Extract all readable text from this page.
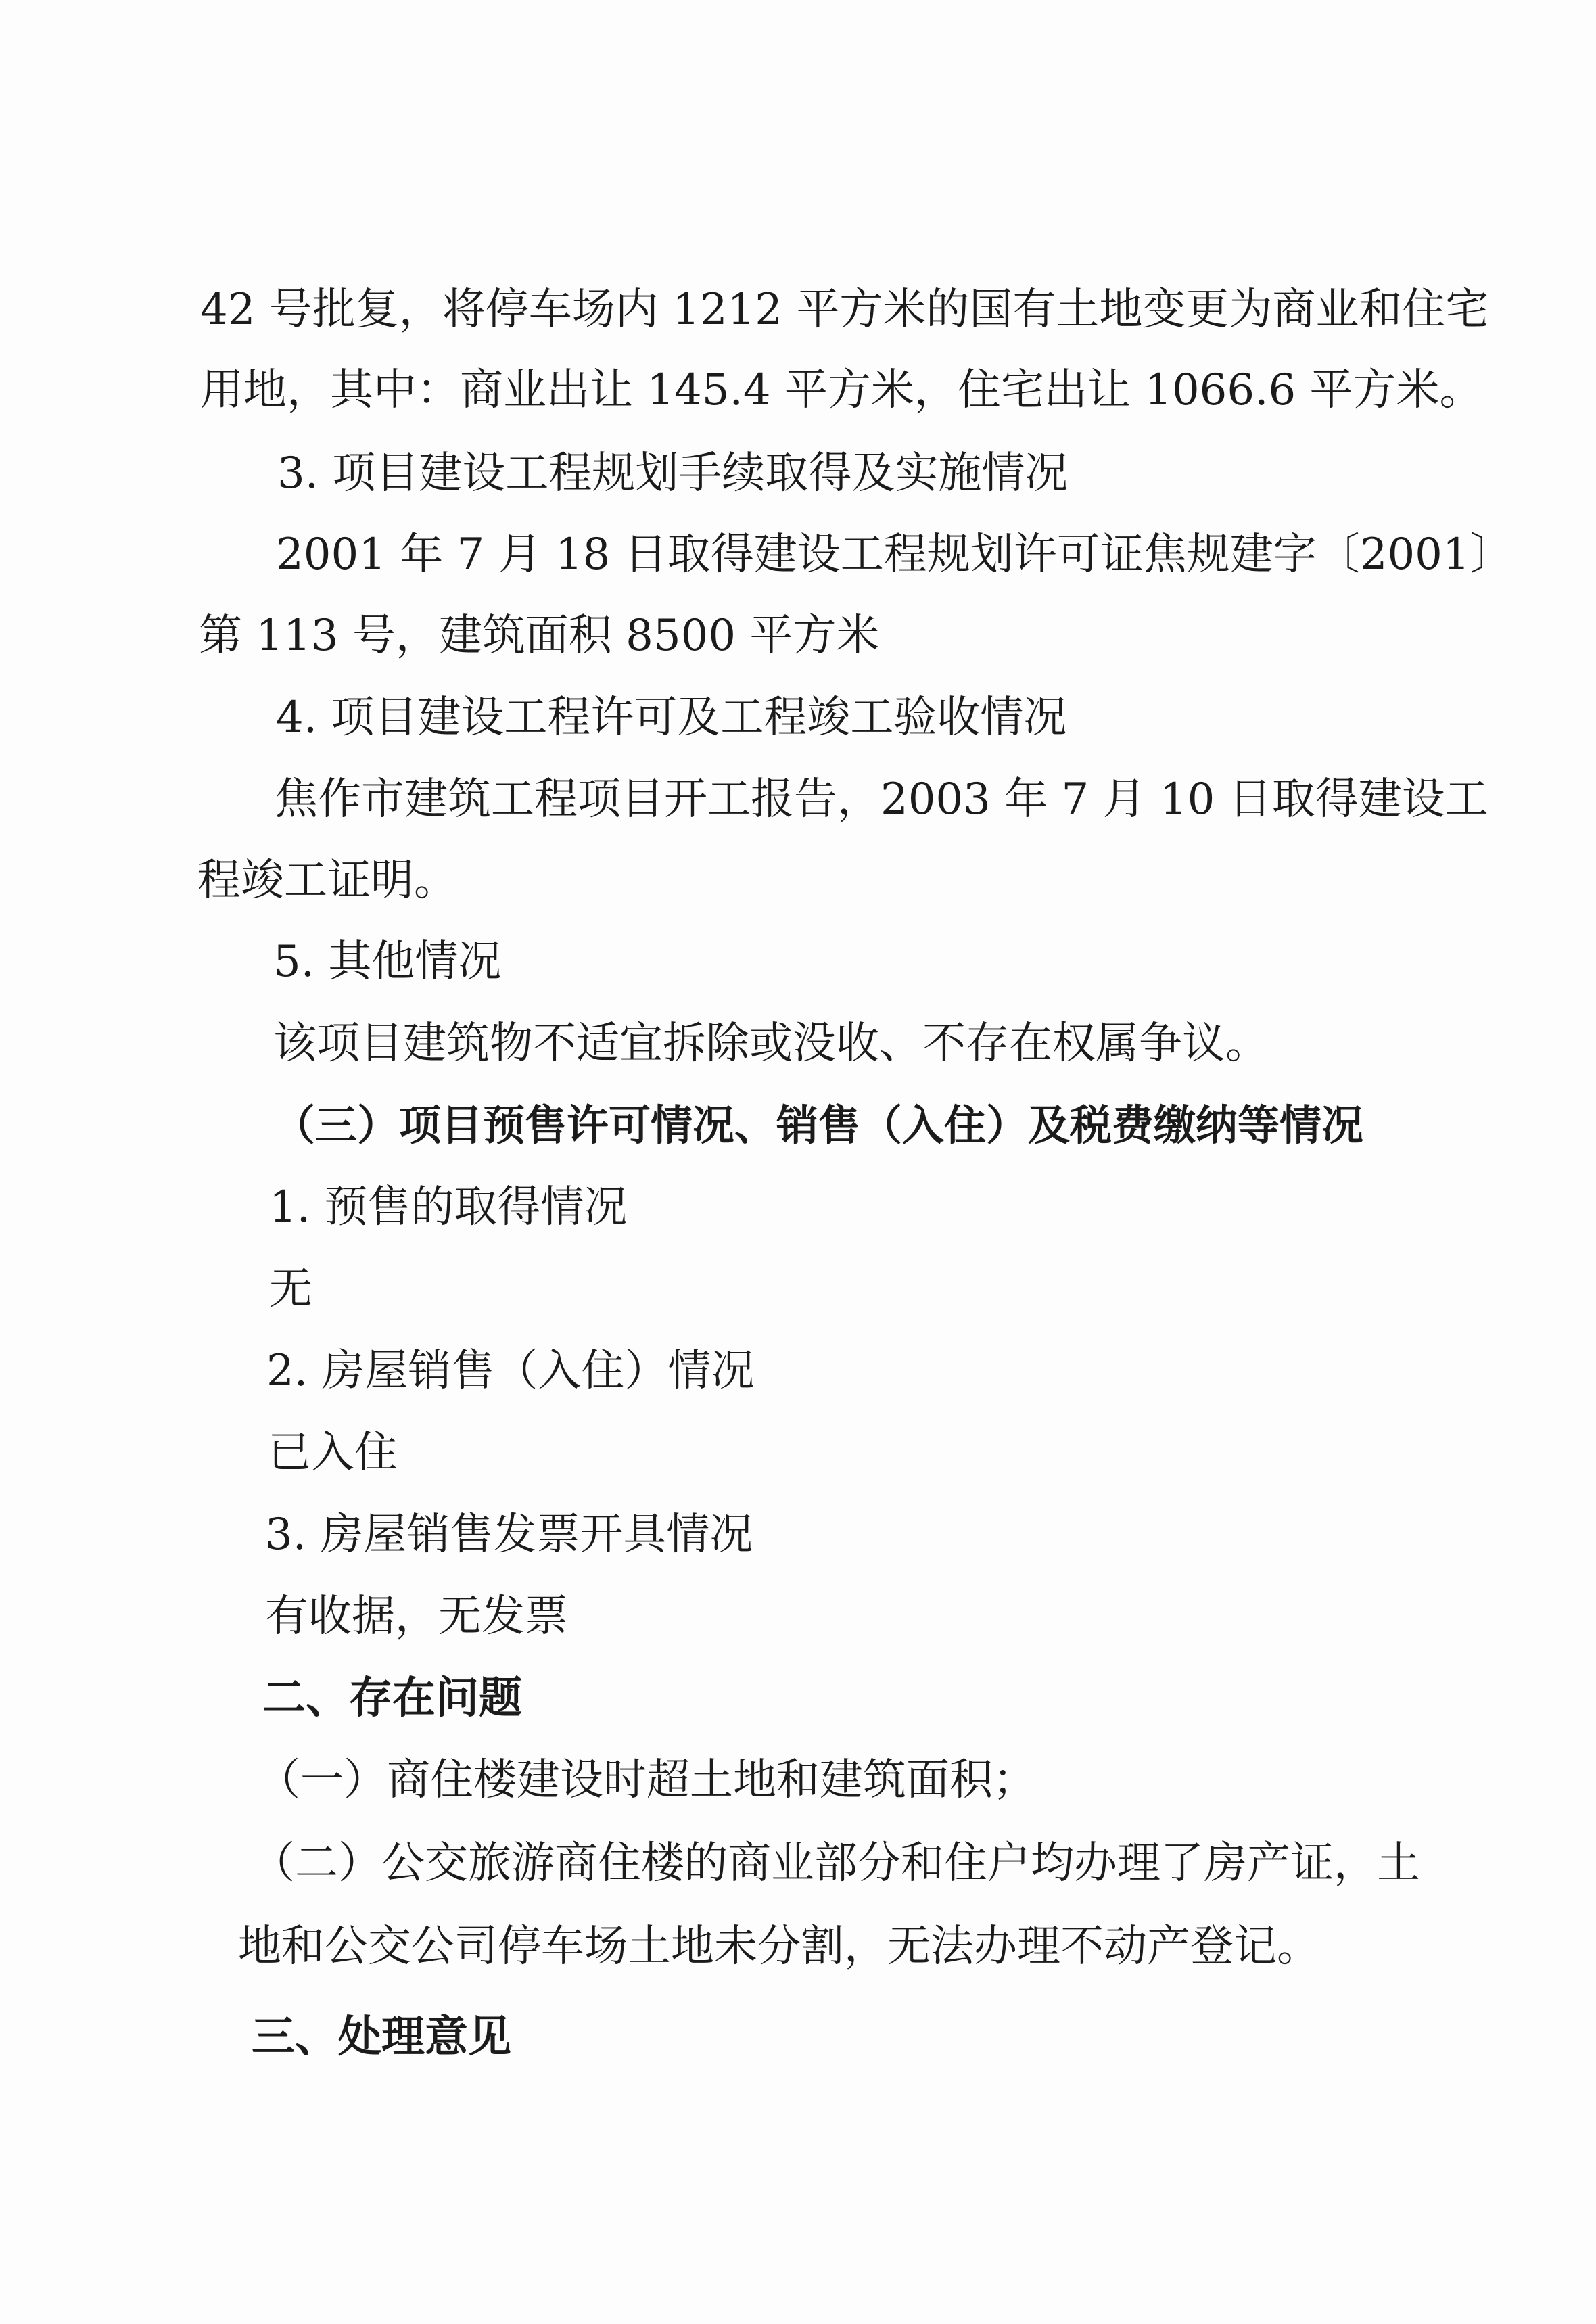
42 号批复，将停车场内 1212 平方米的国有土地变更为商业和住宅
用地，其中：商业出让 145.4 平方米，住宅出让 1066.6 平方米。
3. 项目建设工程规划手续取得及实施情况
2001 年 7 月 18 日取得建设工程规划许可证焦规建字〔2001〕
第 113 号，建筑面积 8500 平方米
4. 项目建设工程许可及工程竣工验收情况
焦作市建筑工程项目开工报告，2003 年 7 月 10 日取得建设工
程竣工证明。
5. 其他情况
该项目建筑物不适宜拆除或没收、不存在权属争议。
（三）项目预售许可情况、销售（入住）及税费缴纳等情况
1. 预售的取得情况
无
2. 房屋销售（入住）情况
已入住
3. 房屋销售发票开具情况
有收据，无发票
二、存在问题
（一）商住楼建设时超土地和建筑面积；
（二）公交旅游商住楼的商业部分和住户均办理了房产证，土
地和公交公司停车场土地未分割，无法办理不动产登记。
三、处理意见
